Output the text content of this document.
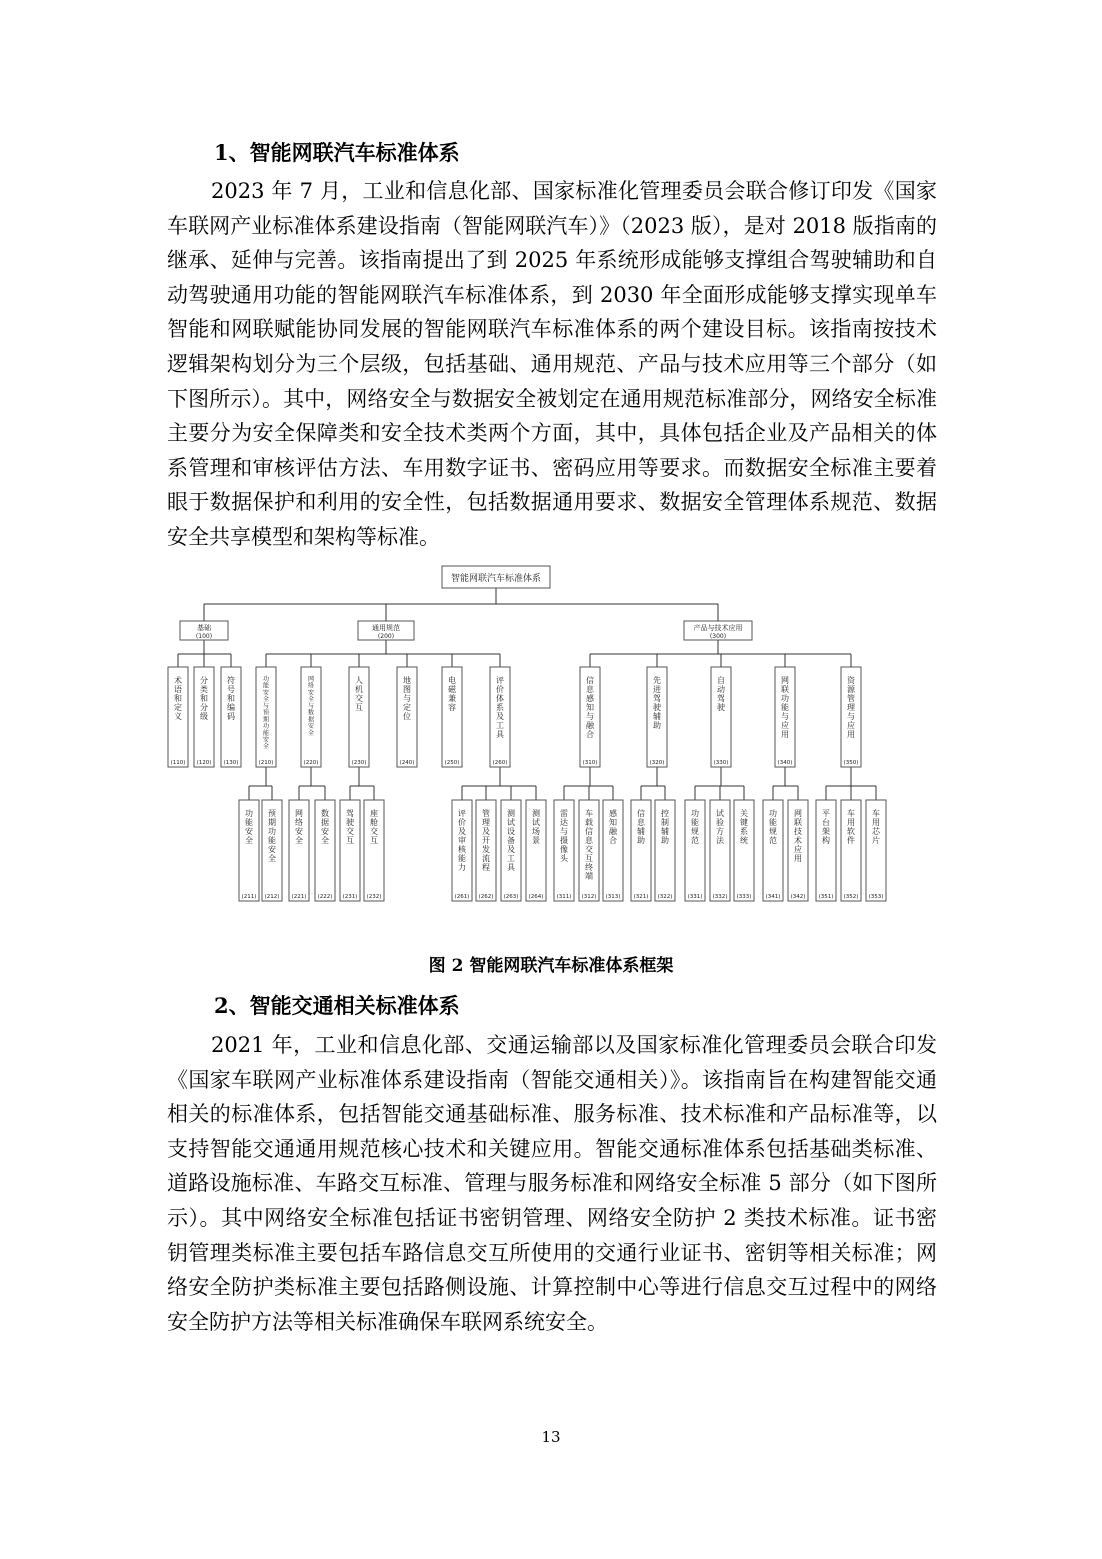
1、智能网联汽车标准体系

2023 年 7 月，工业和信息化部、国家标准化管理委员会联合修订印发《国家车联网产业标准体系建设指南（智能网联汽车）》（2023 版），是对 2018 版指南的继承、延伸与完善。该指南提出了到 2025 年系统形成能够支撑组合驾驶辅助和自动驾驶通用功能的智能网联汽车标准体系，到 2030 年全面形成能够支撑实现单车智能和网联赋能协同发展的智能网联汽车标准体系的两个建设目标。该指南按技术逻辑架构划分为三个层级，包括基础、通用规范、产品与技术应用等三个部分（如下图所示）。其中，网络安全与数据安全被划定在通用规范标准部分，网络安全标准主要分为安全保障类和安全技术类两个方面，其中，具体包括企业及产品相关的体系管理和审核评估方法、车用数字证书、密码应用等要求。而数据安全标准主要着眼于数据保护和利用的安全性，包括数据通用要求、数据安全管理体系规范、数据安全共享模型和架构等标准。

智能网联汽车标准体系
基础
(100)
通用规范
(200)
产品与技术应用
(300)
术
语
和
定
义
(110)
分
类
和
分
级
(120)
符
号
和
编
码
(130)
功
能
安
全
与
预
期
功
能
安
全
(210)
网
络
安
全
与
数
据
安
全
(220)
人
机
交
互
(230)
地
图
与
定
位
(240)
电
磁
兼
容
(250)
评
价
体
系
及
工
具
(260)
信
息
感
知
与
融
合
(310)
先
进
驾
驶
辅
助
(320)
自
动
驾
驶
(330)
网
联
功
能
与
应
用
(340)
资
源
管
理
与
应
用
(350)
功
能
安
全
(211)
预
期
功
能
安
全
(212)
网
络
安
全
(221)
数
据
安
全
(222)
驾
驶
交
互
(231)
座
舱
交
互
(232)
评
价
及
审
核
能
力
(261)
管
理
及
开
发
流
程
(262)
测
试
设
备
及
工
具
(263)
测
试
场
景
(264)
雷
达
与
摄
像
头
(311)
车
载
信
息
交
互
终
端
(312)
感
知
融
合
(313)
信
息
辅
助
(321)
控
制
辅
助
(322)
功
能
规
范
(331)
试
验
方
法
(332)
关
键
系
统
(333)
功
能
规
范
(341)
网
联
技
术
应
用
(342)
平
台
架
构
(351)
车
用
软
件
(352)
车
用
芯
片
(353)

图 2 智能网联汽车标准体系框架

2、智能交通相关标准体系

2021 年，工业和信息化部、交通运输部以及国家标准化管理委员会联合印发《国家车联网产业标准体系建设指南（智能交通相关）》。该指南旨在构建智能交通相关的标准体系，包括智能交通基础标准、服务标准、技术标准和产品标准等，以支持智能交通通用规范核心技术和关键应用。智能交通标准体系包括基础类标准、道路设施标准、车路交互标准、管理与服务标准和网络安全标准 5 部分（如下图所示）。其中网络安全标准包括证书密钥管理、网络安全防护 2 类技术标准。证书密钥管理类标准主要包括车路信息交互所使用的交通行业证书、密钥等相关标准；网络安全防护类标准主要包括路侧设施、计算控制中心等进行信息交互过程中的网络安全防护方法等相关标准确保车联网系统安全。

13
